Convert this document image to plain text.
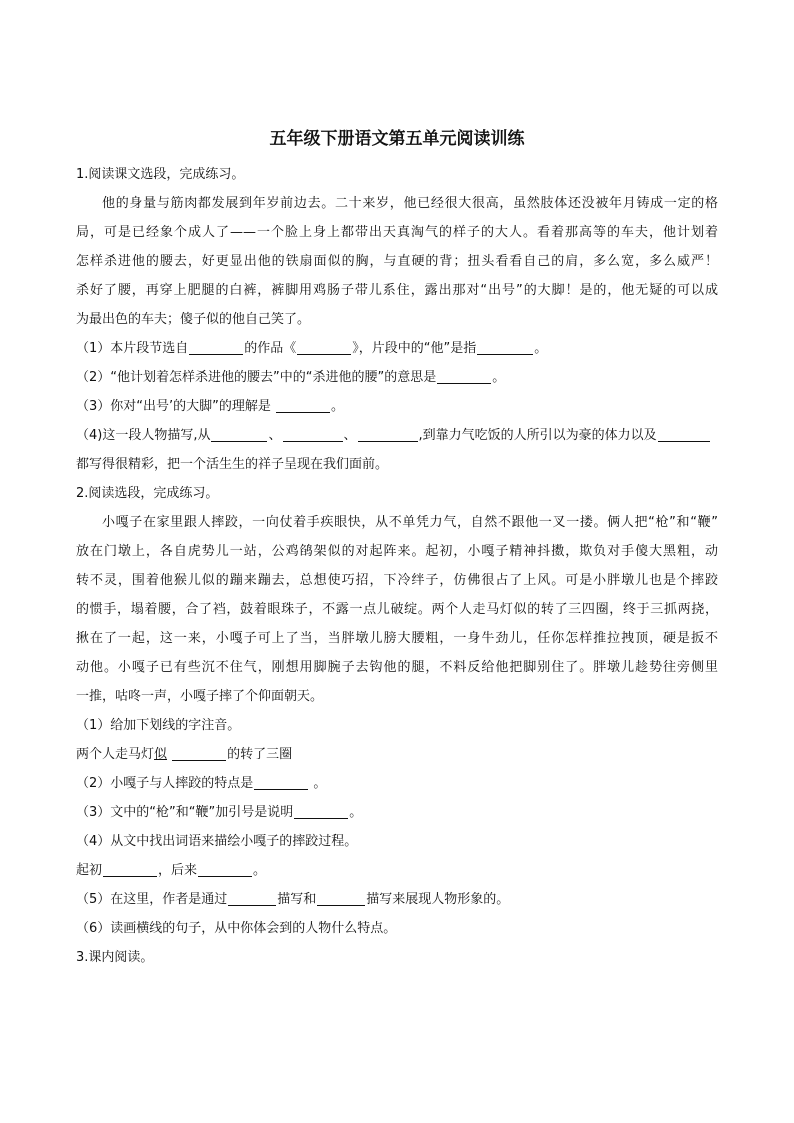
五年级下册语文第五单元阅读训练

1.阅读课文选段，完成练习。

他的身量与筋肉都发展到年岁前边去。二十来岁，他已经很大很高，虽然肢体还没被年月铸成一定的格

局，可是已经象个成人了——一个脸上身上都带出天真淘气的样子的大人。看着那高等的车夫，他计划着

怎样杀进他的腰去，好更显出他的铁扇面似的胸，与直硬的背；扭头看看自己的肩，多么宽，多么威严！

杀好了腰，再穿上肥腿的白裤，裤脚用鸡肠子带儿系住，露出那对“出号”的大脚！是的，他无疑的可以成

为最出色的车夫；傻子似的他自己笑了。

（1）本片段节选自	的作品《	》，片段中的“他”是指	。

（2）“他计划着怎样杀进他的腰去”中的“杀进他的腰”的意思是	。

（3）你对“出号’的大脚”的理解是	。

（4)这一段人物描写,从	、	、	,到靠力气吃饭的人所引以为豪的体力以及

都写得很精彩，把一个活生生的祥子呈现在我们面前。

2.阅读选段，完成练习。

小嘎子在家里跟人摔跤，一向仗着手疾眼快，从不单凭力气，自然不跟他一叉一搂。俩人把“枪”和“鞭”

放在门墩上，各自虎势儿一站，公鸡鹐架似的对起阵来。起初，小嘎子精神抖擞，欺负对手傻大黑粗，动

转不灵，围着他猴儿似的蹦来蹦去，总想使巧招，下冷绊子，仿佛很占了上风。可是小胖墩儿也是个摔跤

的惯手，塌着腰，合了裆，鼓着眼珠子，不露一点儿破绽。两个人走马灯似的转了三四圈，终于三抓两挠，

揪在了一起，这一来，小嘎子可上了当，当胖墩儿膀大腰粗，一身牛劲儿，任你怎样推拉拽顶，硬是扳不

动他。小嘎子已有些沉不住气，刚想用脚腕子去钩他的腿，不料反给他把脚别住了。胖墩儿趁势往旁侧里

一推，咕咚一声，小嘎子摔了个仰面朝天。

（1）给加下划线的字注音。

两个人走马灯似	的转了三圈

（2）小嘎子与人摔跤的特点是	。

（3）文中的“枪”和“鞭”加引号是说明	。

（4）从文中找出词语来描绘小嘎子的摔跤过程。

起初	，后来	。

（5）在这里，作者是通过	描写和	描写来展现人物形象的。

（6）读画横线的句子，从中你体会到的人物什么特点。

3.课内阅读。
